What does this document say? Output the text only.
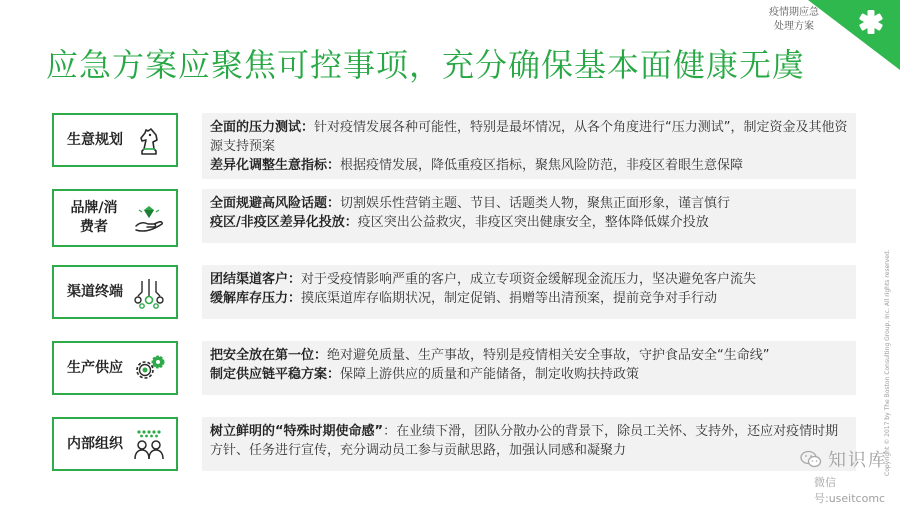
疫情期应急
处理方案
应急方案应聚焦可控事项，充分确保基本面健康无虞
生意规划

全面的压力测试：针对疫情发展各种可能性，特别是最坏情况，从各个角度进行“压力测试”，制定资金及其他资源支持预案

差异化调整生意指标：根据疫情发展，降低重疫区指标，聚焦风险防范，非疫区着眼生意保障

品牌/消费者

全面规避高风险话题：切割娱乐性营销主题、节目、话题类人物，聚焦正面形象，谨言慎行

疫区/非疫区差异化投放：疫区突出公益救灾，非疫区突出健康安全，整体降低媒介投放

渠道终端

团结渠道客户：对于受疫情影响严重的客户，成立专项资金缓解现金流压力，坚决避免客户流失

缓解库存压力：摸底渠道库存临期状况，制定促销、捐赠等出清预案，提前竞争对手行动

生产供应

把安全放在第一位：绝对避免质量、生产事故，特别是疫情相关安全事故，守护食品安全“生命线”

制定供应链平稳方案：保障上游供应的质量和产能储备，制定收购扶持政策

内部组织

树立鲜明的“特殊时期使命感”：在业绩下滑，团队分散办公的背景下，除员工关怀、支持外，还应对疫情时期方针、任务进行宣传，充分调动员工参与贡献思路，加强认同感和凝聚力	Copyright © 2017 by The Boston Consulting Group, Inc. All rights reserved.
知识库
微信号:useitcomc
